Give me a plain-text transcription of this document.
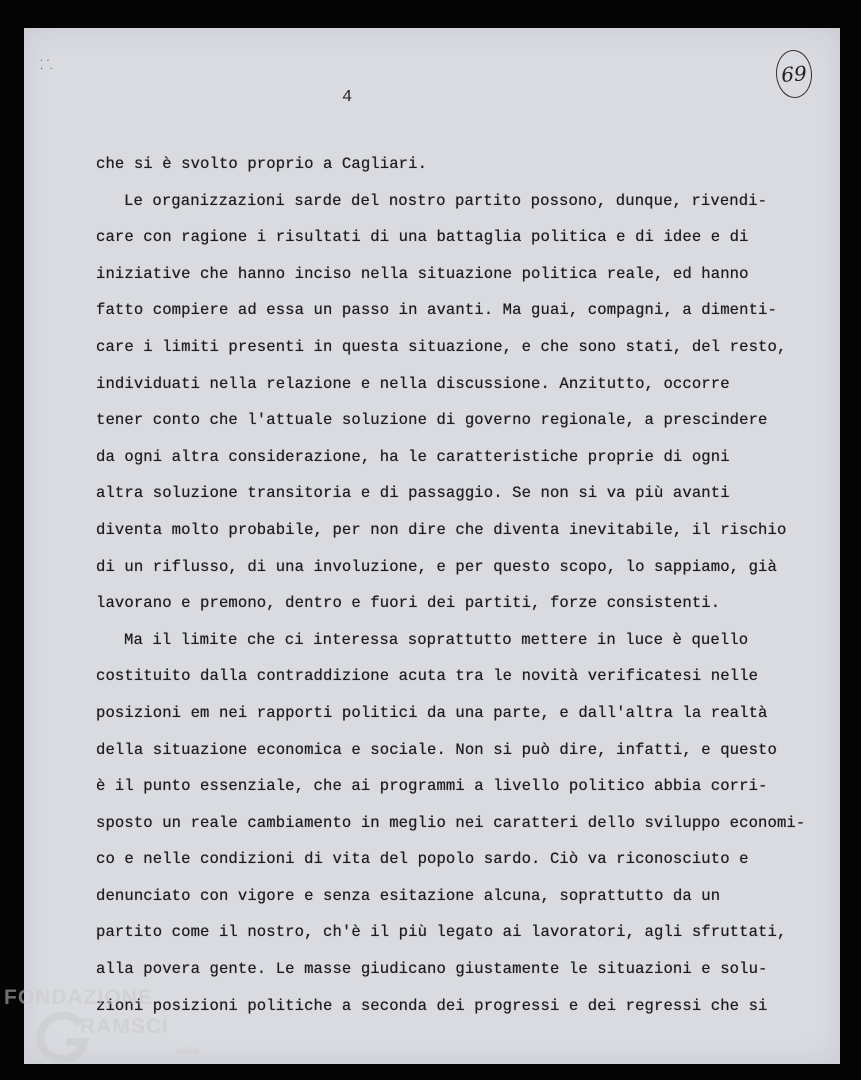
· ·
·  ·
4
69
che si è svolto proprio a Cagliari.
Le organizzazioni sarde del nostro partito possono, dunque, rivendi-
care con ragione i risultati di una battaglia politica e di idee e di
iniziative che hanno inciso nella situazione politica reale, ed hanno
fatto compiere ad essa un passo in avanti. Ma guai, compagni, a dimenti-
care i limiti presenti in questa situazione, e che sono stati, del resto,
individuati nella relazione e nella discussione. Anzitutto, occorre
tener conto che l'attuale soluzione di governo regionale, a prescindere
da ogni altra considerazione, ha le caratteristiche proprie di ogni
altra soluzione transitoria e di passaggio. Se non si va più avanti
diventa molto probabile, per non dire che diventa inevitabile, il rischio
di un riflusso, di una involuzione, e per questo scopo, lo sappiamo, già
lavorano e premono, dentro e fuori dei partiti, forze consistenti.
Ma il limite che ci interessa soprattutto mettere in luce è quello
costituito dalla contraddizione acuta tra le novità verificatesi nelle
posizioni em nei rapporti politici da una parte, e dall'altra la realtà
della situazione economica e sociale. Non si può dire, infatti, e questo
è il punto essenziale, che ai programmi a livello politico abbia corri-
sposto un reale cambiamento in meglio nei caratteri dello sviluppo economi-
co e nelle condizioni di vita del popolo sardo. Ciò va riconosciuto e
denunciato con vigore e senza esitazione alcuna, soprattutto da un
partito come il nostro, ch'è il più legato ai lavoratori, agli sfruttati,
alla povera gente. Le masse giudicano giustamente le situazioni e solu-
zioni posizioni politiche a seconda dei progressi e dei regressi che si
FONDAZIONE
RAMSCI
onlus
